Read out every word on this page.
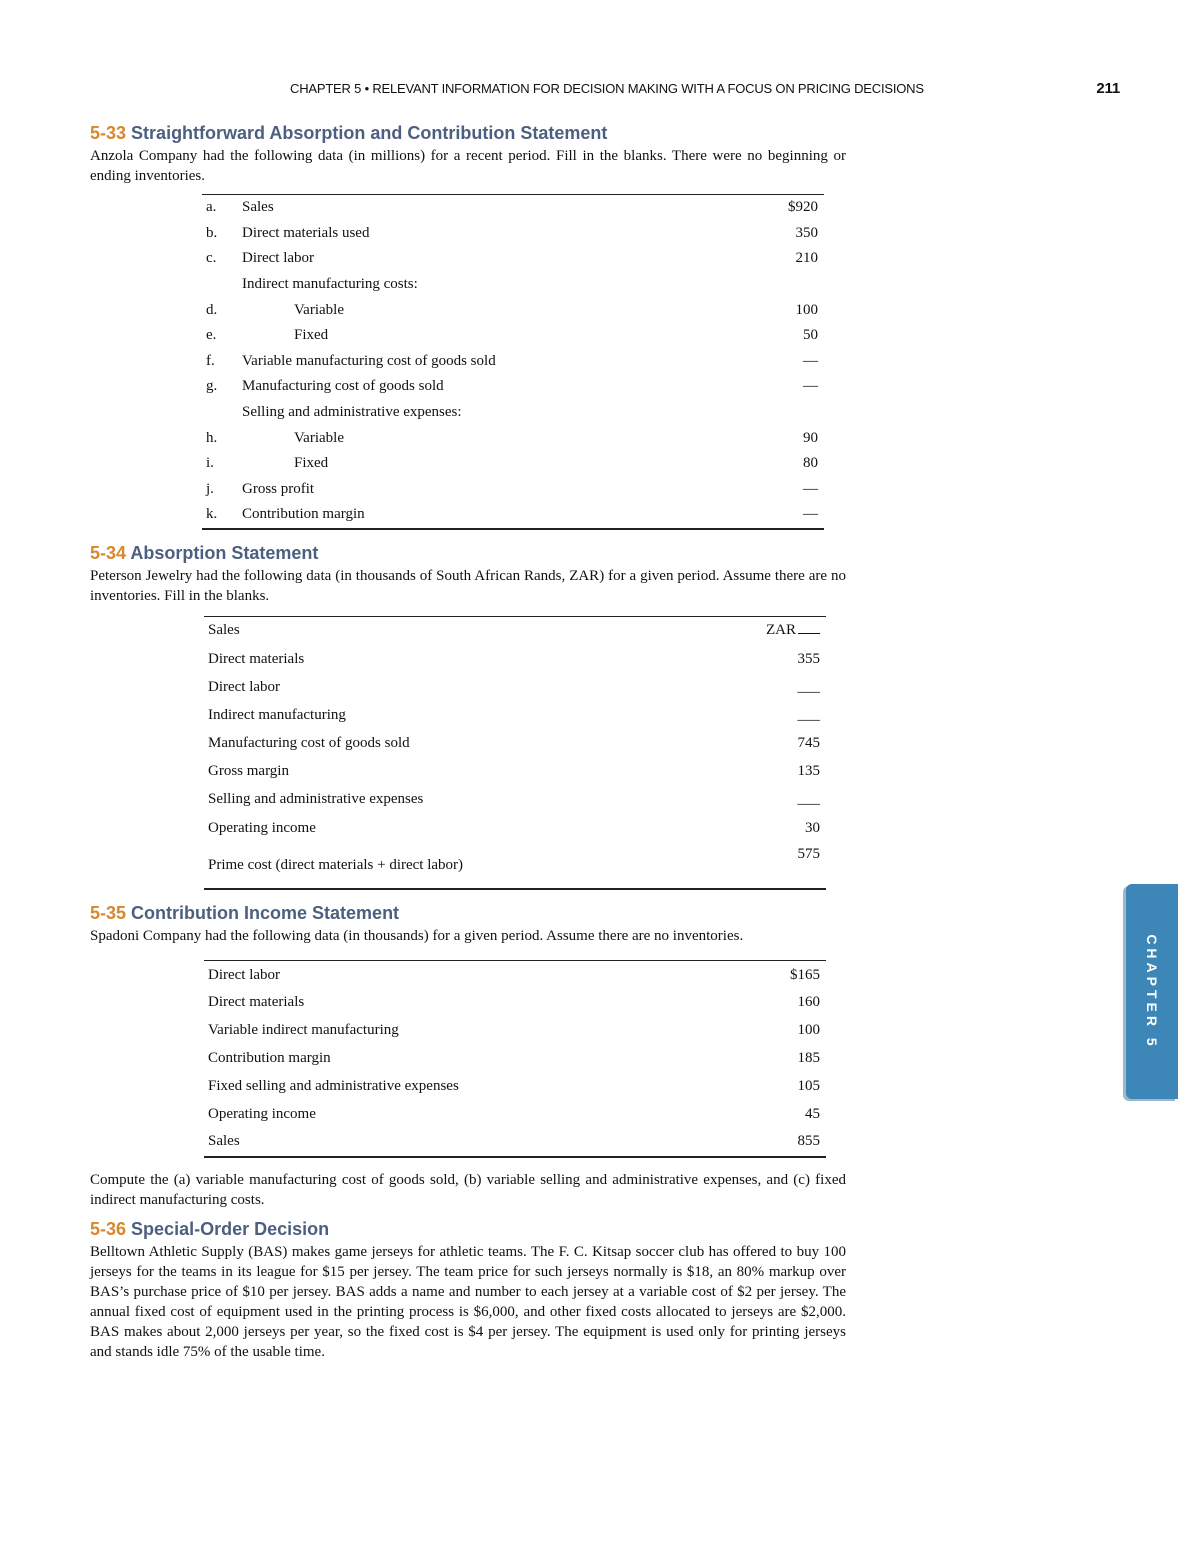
CHAPTER 5 • RELEVANT INFORMATION FOR DECISION MAKING WITH A FOCUS ON PRICING DECISIONS	211
5-33 Straightforward Absorption and Contribution Statement

Anzola Company had the following data (in millions) for a recent period. Fill in the blanks. There were no beginning or ending inventories.

a.	Sales	$920
b.	Direct materials used	350
c.	Direct labor	210
	Indirect manufacturing costs:	
d.	Variable	100
e.	Fixed	50
f.	Variable manufacturing cost of goods sold	—
g.	Manufacturing cost of goods sold	—
	Selling and administrative expenses:	
h.	Variable	90
i.	Fixed	80
j.	Gross profit	—
k.	Contribution margin	—
5-34 Absorption Statement

Peterson Jewelry had the following data (in thousands of South African Rands, ZAR) for a given period. Assume there are no inventories. Fill in the blanks.

Sales	ZAR
Direct materials	355
Direct labor	___
Indirect manufacturing	___
Manufacturing cost of goods sold	745
Gross margin	135
Selling and administrative expenses	___
Operating income	30

Prime cost (direct materials + direct labor)	575
5-35 Contribution Income Statement

Spadoni Company had the following data (in thousands) for a given period. Assume there are no inventories.

Direct labor	$165
Direct materials	160
Variable indirect manufacturing	100
Contribution margin	185
Fixed selling and administrative expenses	105
Operating income	45
Sales	855

Compute the (a) variable manufacturing cost of goods sold, (b) variable selling and administrative expenses, and (c) fixed indirect manufacturing costs.

5-36 Special-Order Decision

Belltown Athletic Supply (BAS) makes game jerseys for athletic teams. The F. C. Kitsap soccer club has offered to buy 100 jerseys for the teams in its league for $15 per jersey. The team price for such jerseys normally is $18, an 80% markup over BAS’s purchase price of $10 per jersey. BAS adds a name and number to each jersey at a variable cost of $2 per jersey. The annual fixed cost of equipment used in the printing process is $6,000, and other fixed costs allocated to jerseys are $2,000. BAS makes about 2,000 jerseys per year, so the fixed cost is $4 per jersey. The equipment is used only for printing jerseys and stands idle 75% of the usable time.

CHAPTER 5
